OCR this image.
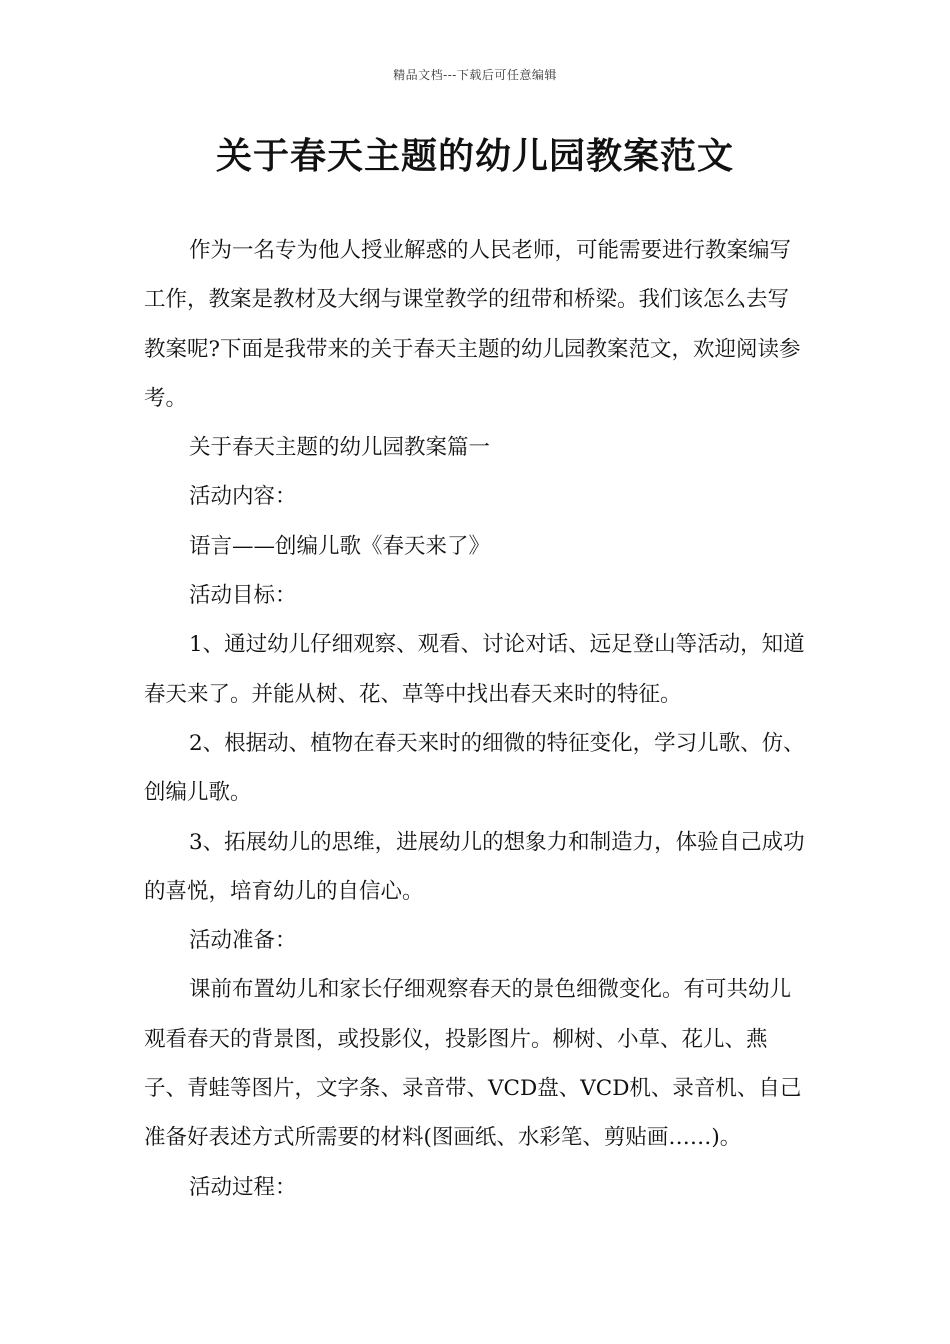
精品文档---下载后可任意编辑
关于春天主题的幼儿园教案范文

作为一名专为他人授业解惑的人民老师，可能需要进行教案编写工作，教案是教材及大纲与课堂教学的纽带和桥梁。我们该怎么去写教案呢?下面是我带来的关于春天主题的幼儿园教案范文，欢迎阅读参考。

关于春天主题的幼儿园教案篇一

活动内容：

语言——创编儿歌《春天来了》

活动目标：

1、通过幼儿仔细观察、观看、讨论对话、远足登山等活动，知道春天来了。并能从树、花、草等中找出春天来时的特征。

2、根据动、植物在春天来时的细微的特征变化，学习儿歌、仿、创编儿歌。

3、拓展幼儿的思维，进展幼儿的想象力和制造力，体验自己成功的喜悦，培育幼儿的自信心。

活动准备：

课前布置幼儿和家长仔细观察春天的景色细微变化。有可共幼儿观看春天的背景图，或投影仪，投影图片。柳树、小草、花儿、燕子、青蛙等图片，文字条、录音带、VCD盘、VCD机、录音机、自己准备好表述方式所需要的材料(图画纸、水彩笔、剪贴画……)。

活动过程：
